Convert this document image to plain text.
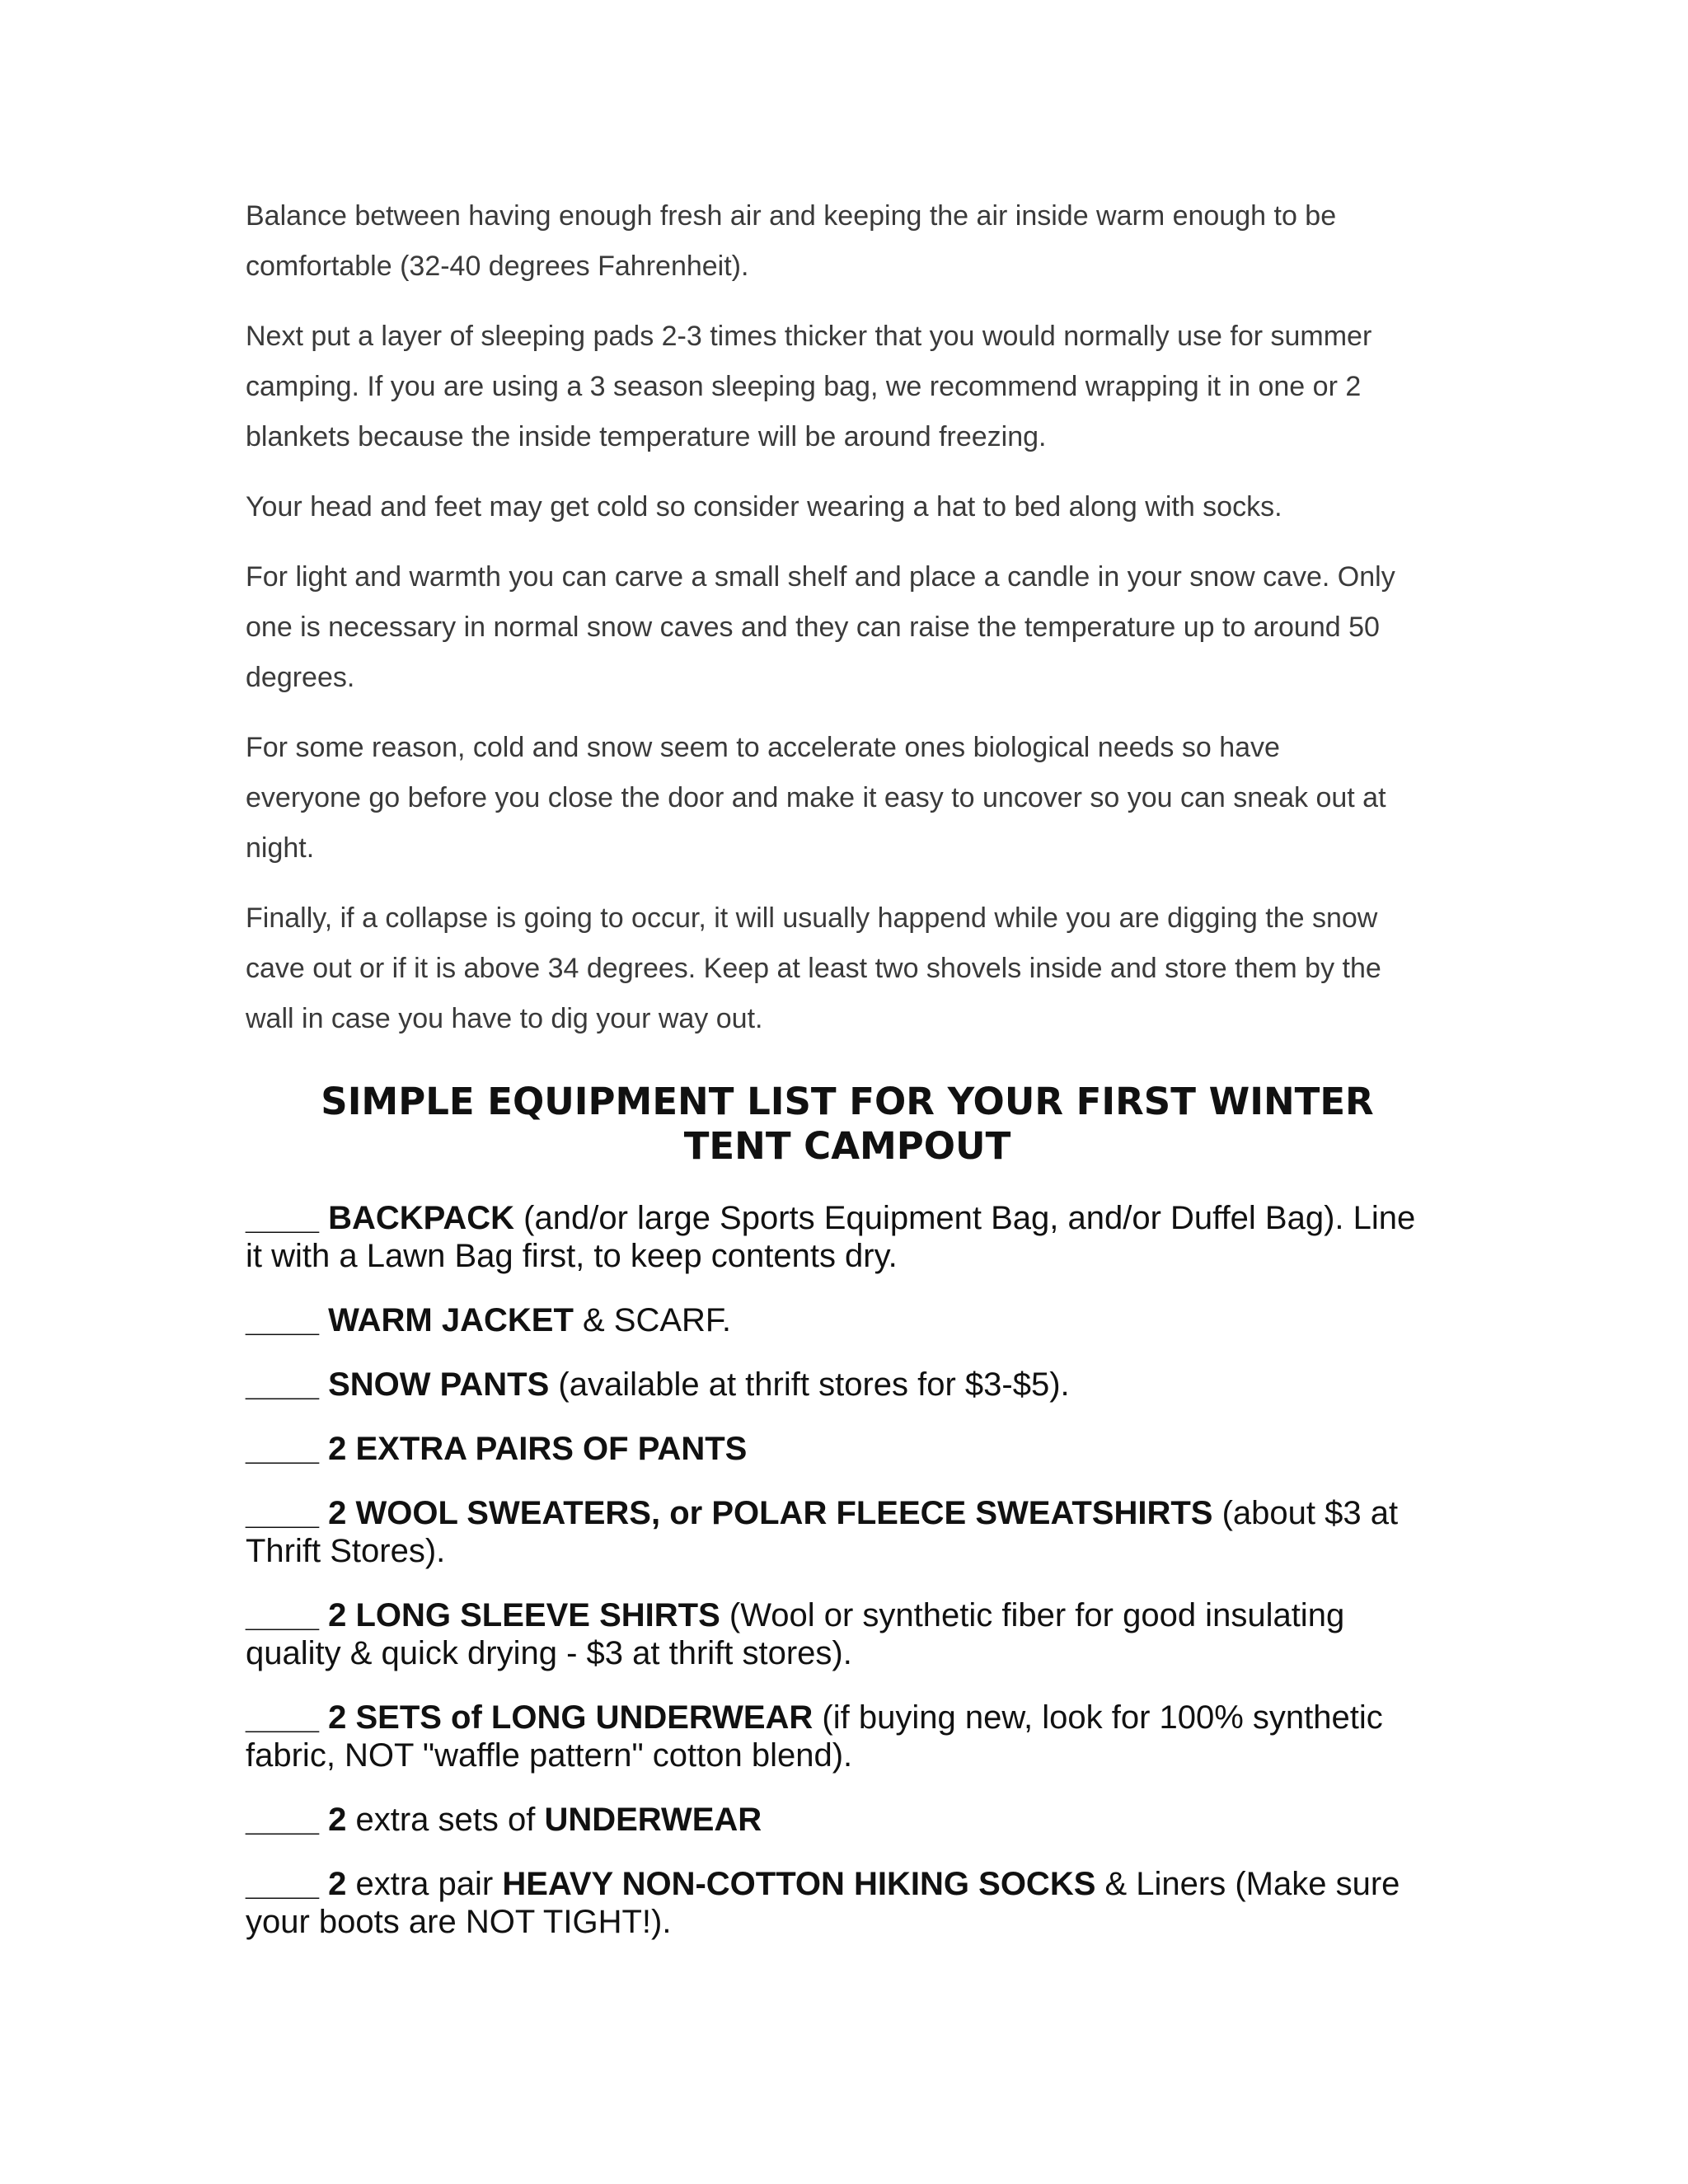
Balance between having enough fresh air and keeping the air inside warm enough to be
comfortable (32-40 degrees Fahrenheit).

Next put a layer of sleeping pads 2-3 times thicker that you would normally use for summer
camping. If you are using a 3 season sleeping bag, we recommend wrapping it in one or 2
blankets because the inside temperature will be around freezing.

Your head and feet may get cold so consider wearing a hat to bed along with socks.

For light and warmth you can carve a small shelf and place a candle in your snow cave. Only
one is necessary in normal snow caves and they can raise the temperature up to around 50
degrees.

For some reason, cold and snow seem to accelerate ones biological needs so have
everyone go before you close the door and make it easy to uncover so you can sneak out at
night.

Finally, if a collapse is going to occur, it will usually happend while you are digging the snow
cave out or if it is above 34 degrees. Keep at least two shovels inside and store them by the
wall in case you have to dig your way out.

SIMPLE EQUIPMENT LIST FOR YOUR FIRST WINTER
TENT CAMPOUT

____ BACKPACK (and/or large Sports Equipment Bag, and/or Duffel Bag). Line
it with a Lawn Bag first, to keep contents dry.

____ WARM JACKET & SCARF.

____ SNOW PANTS (available at thrift stores for $3-$5).

____ 2 EXTRA PAIRS OF PANTS

____ 2 WOOL SWEATERS, or POLAR FLEECE SWEATSHIRTS (about $3 at
Thrift Stores).

____ 2 LONG SLEEVE SHIRTS (Wool or synthetic fiber for good insulating
quality & quick drying - $3 at thrift stores).

____ 2 SETS of LONG UNDERWEAR (if buying new, look for 100% synthetic
fabric, NOT "waffle pattern" cotton blend).

____ 2 extra sets of UNDERWEAR

____ 2 extra pair HEAVY NON-COTTON HIKING SOCKS & Liners (Make sure
your boots are NOT TIGHT!).
